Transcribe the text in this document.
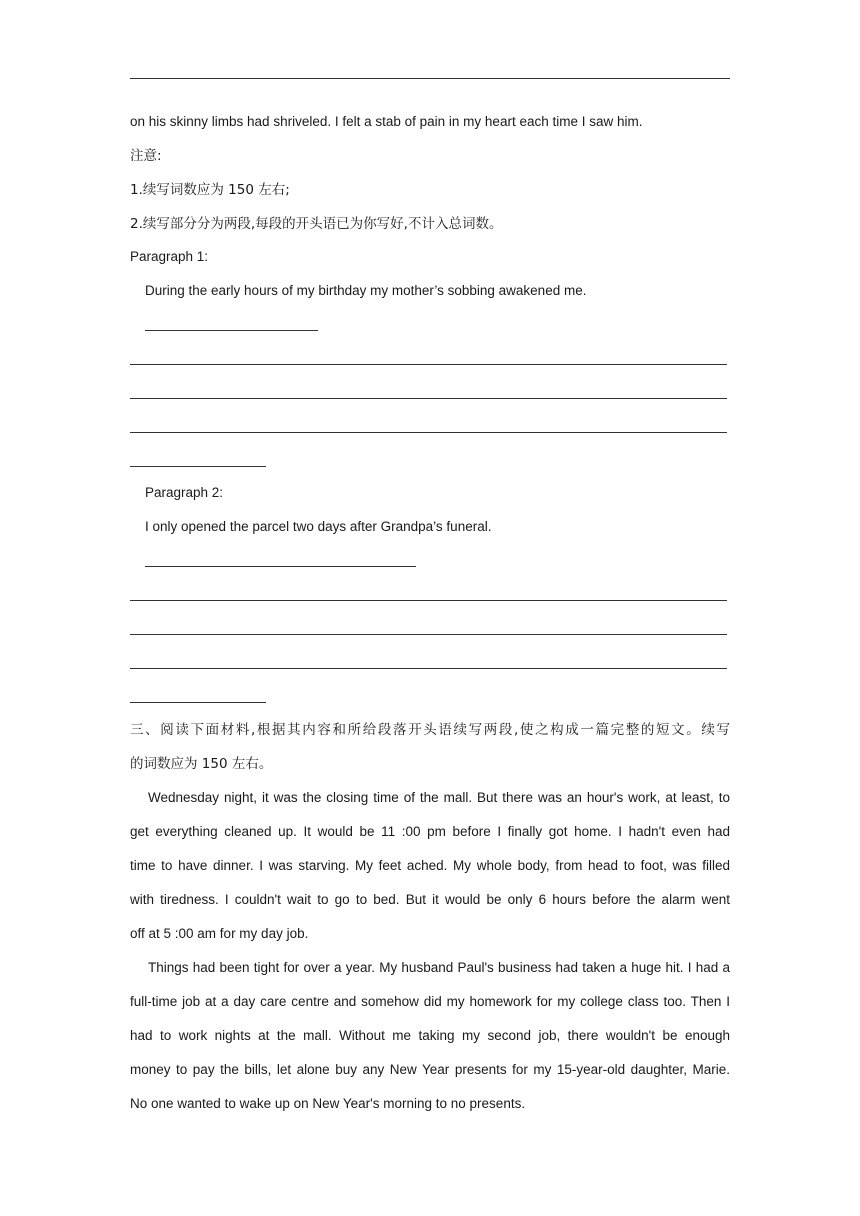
on his skinny limbs had shriveled. I felt a stab of pain in my heart each time I saw him.
注意:
1.续写词数应为 150 左右;
2.续写部分分为两段,每段的开头语已为你写好,不计入总词数。
Paragraph 1:
During the early hours of my birthday my mother’s sobbing awakened me.
Paragraph 2:
I only opened the parcel two days after Grandpa’s funeral.
三、阅读下面材料,根据其内容和所给段落开头语续写两段,使之构成一篇完整的短文。续写
的词数应为 150 左右。
Wednesday night, it was the closing time of the mall. But there was an hour's work, at least, to
get everything cleaned up. It would be 11 :00 pm before I finally got home. I hadn't even had
time to have dinner. I was starving. My feet ached. My whole body, from head to foot, was filled
with tiredness. I couldn't wait to go to bed. But it would be only 6 hours before the alarm went
off at 5 :00 am for my day job.
Things had been tight for over a year. My husband Paul's business had taken a huge hit. I had a
full-time job at a day care centre and somehow did my homework for my college class too. Then I
had to work nights at the mall. Without me taking my second job, there wouldn't be enough
money to pay the bills, let alone buy any New Year presents for my 15-year-old daughter, Marie.
No one wanted to wake up on New Year's morning to no presents.
